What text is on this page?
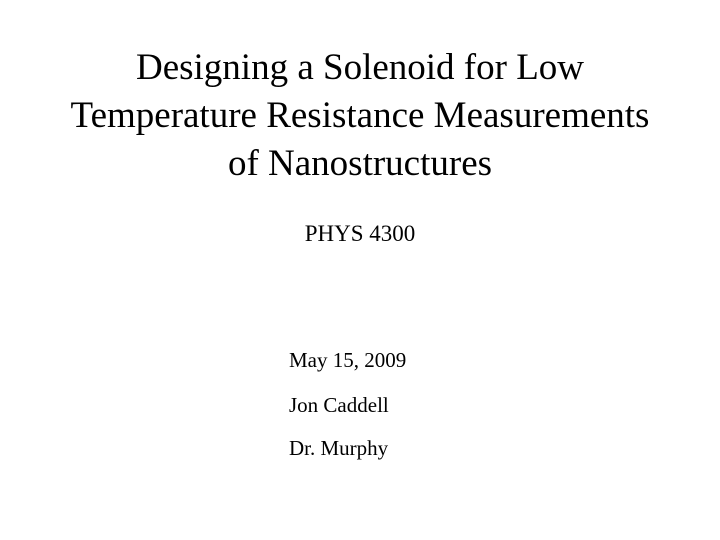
Designing a Solenoid for Low
Temperature Resistance Measurements
of Nanostructures
PHYS 4300
May 15, 2009
Jon Caddell
Dr. Murphy
